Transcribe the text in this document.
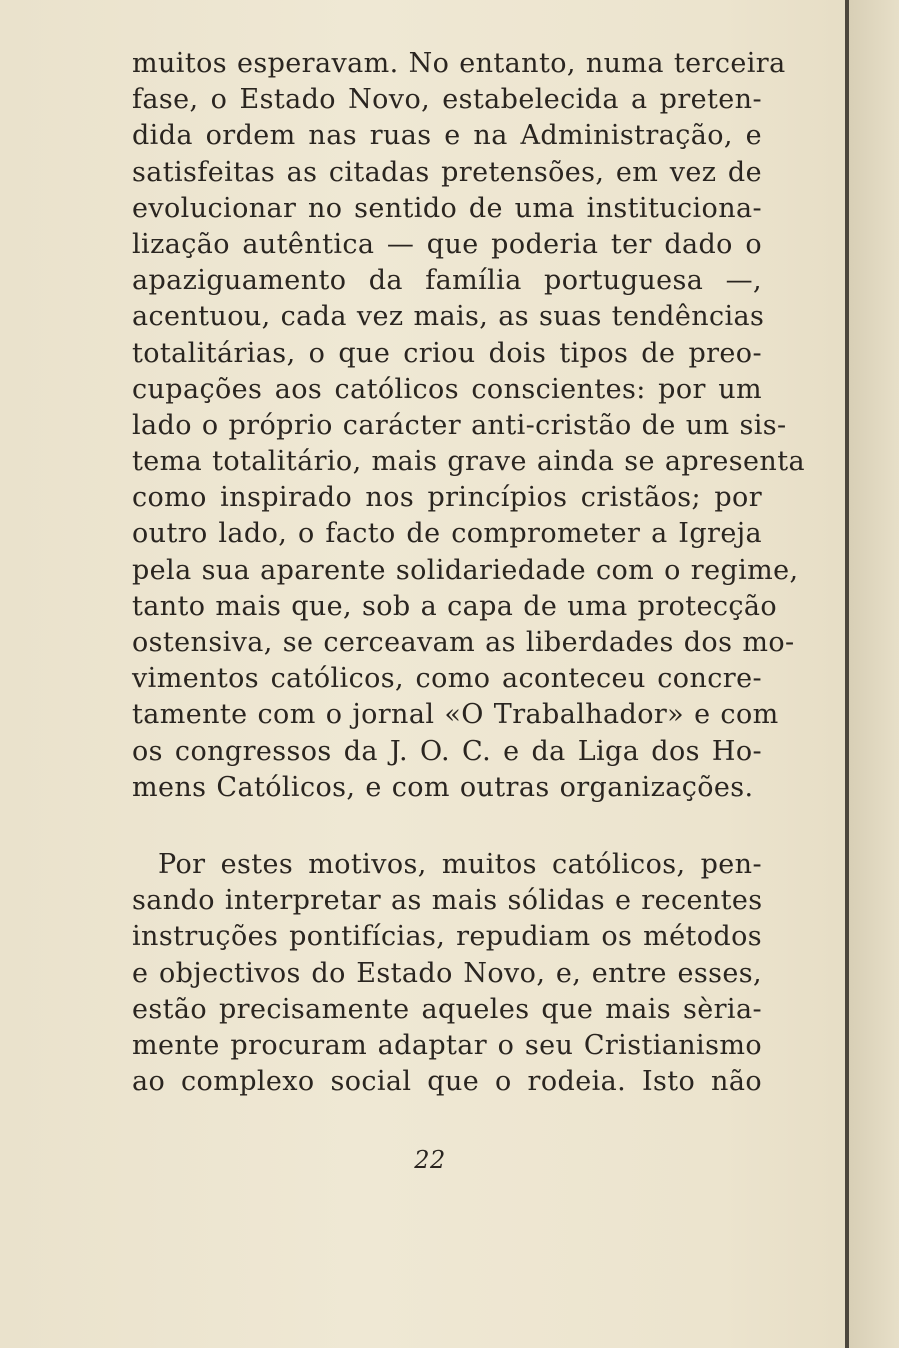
muitos esperavam. No entanto, numa terceira
fase, o Estado Novo, estabelecida a preten-
dida ordem nas ruas e na Administração, e
satisfeitas as citadas pretensões, em vez de
evolucionar no sentido de uma instituciona-
lização autêntica — que poderia ter dado o
apaziguamento da família portuguesa —,
acentuou, cada vez mais, as suas tendências
totalitárias, o que criou dois tipos de preo-
cupações aos católicos conscientes: por um
lado o próprio carácter anti-cristão de um sis-
tema totalitário, mais grave ainda se apresenta
como inspirado nos princípios cristãos; por
outro lado, o facto de comprometer a Igreja
pela sua aparente solidariedade com o regime,
tanto mais que, sob a capa de uma protecção
ostensiva, se cerceavam as liberdades dos mo-
vimentos católicos, como aconteceu concre-
tamente com o jornal «O Trabalhador» e com
os congressos da J. O. C. e da Liga dos Ho-
mens Católicos, e com outras organizações.
Por estes motivos, muitos católicos, pen-
sando interpretar as mais sólidas e recentes
instruções pontifícias, repudiam os métodos
e objectivos do Estado Novo, e, entre esses,
estão precisamente aqueles que mais sèria-
mente procuram adaptar o seu Cristianismo
ao complexo social que o rodeia. Isto não
22
